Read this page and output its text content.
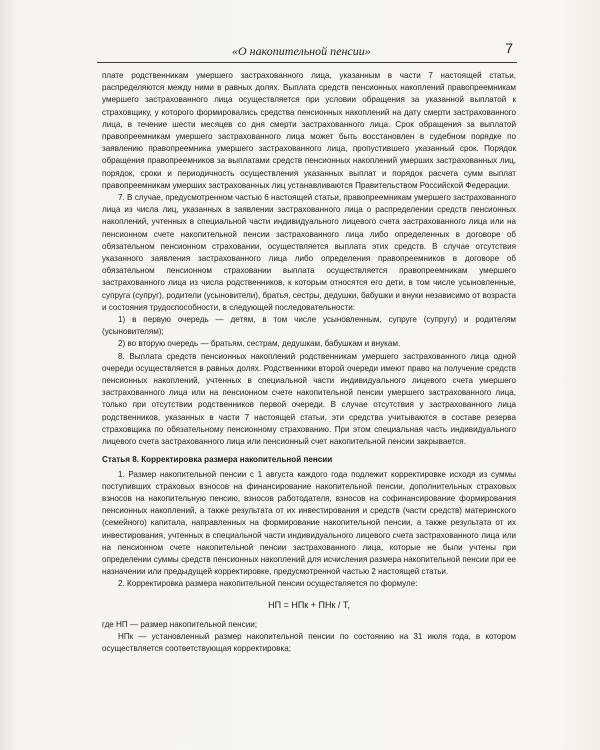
«О накопительной пенсии»	7

плате родственникам умершего застрахованного лица, указанным в части 7 настоящей статьи, распределяются между ними в равных долях. Выплата средств пенсионных накоплений правопреемникам умершего застрахованного лица осуществляется при условии обращения за указанной выплатой к страховщику, у которого формировались средства пенсионных накоплений на дату смерти застрахованного лица, в течение шести месяцев со дня смерти застрахованного лица. Срок обращения за выплатой правопреемникам умершего застрахованного лица может быть восстановлен в судебном порядке по заявлению правопреемника умершего застрахованного лица, пропустившего указанный срок. Порядок обращения правопреемников за выплатами средств пенсионных накоплений умерших застрахованных лиц, порядок, сроки и периодичность осуществления указанных выплат и порядок расчета сумм выплат правопреемникам умерших застрахованных лиц устанавливаются Правительством Российской Федерации.

7. В случае, предусмотренном частью 6 настоящей статьи, правопреемникам умершего застрахованного лица из числа лиц, указанных в заявлении застрахованного лица о распределении средств пенсионных накоплений, учтенных в специальной части индивидуального лицевого счета застрахованного лица или на пенсионном счете накопительной пенсии застрахованного лица либо определенных в договоре об обязательном пенсионном страховании, осуществляется выплата этих средств. В случае отсутствия указанного заявления застрахованного лица либо определения правопреемников в договоре об обязательном пенсионном страховании выплата осуществляется правопреемникам умершего застрахованного лица из числа родственников, к которым относятся его дети, в том числе усыновленные, супруга (супруг), родители (усыновители), братья, сестры, дедушки, бабушки и внуки независимо от возраста и состояния трудоспособности, в следующей последовательности:

1) в первую очередь — детям, в том числе усыновленным, супруге (супругу) и родителям (усыновителям);

2) во вторую очередь — братьям, сестрам, дедушкам, бабушкам и внукам.

8. Выплата средств пенсионных накоплений родственникам умершего застрахованного лица одной очереди осуществляется в равных долях. Родственники второй очереди имеют право на получение средств пенсионных накоплений, учтенных в специальной части индивидуального лицевого счета умершего застрахованного лица или на пенсионном счете накопительной пенсии умершего застрахованного лица, только при отсутствии родственников первой очереди. В случае отсутствия у застрахованного лица родственников, указанных в части 7 настоящей статьи, эти средства учитываются в составе резерва страховщика по обязательному пенсионному страхованию. При этом специальная часть индивидуального лицевого счета застрахованного лица или пенсионный счет накопительной пенсии закрывается.

Статья 8. Корректировка размера накопительной пенсии

1. Размер накопительной пенсии с 1 августа каждого года подлежит корректировке исходя из суммы поступивших страховых взносов на финансирование накопительной пенсии, дополнительных страховых взносов на накопительную пенсию, взносов работодателя, взносов на софинансирование формирования пенсионных накоплений, а также результата от их инвестирования и средств (части средств) материнского (семейного) капитала, направленных на формирование накопительной пенсии, а также результата от их инвестирования, учтенных в специальной части индивидуального лицевого счета застрахованного лица или на пенсионном счете накопительной пенсии застрахованного лица, которые не были учтены при определении суммы средств пенсионных накоплений для исчисления размера накопительной пенсии при ее назначении или предыдущей корректировке, предусмотренной частью 2 настоящей статьи.

2. Корректировка размера накопительной пенсии осуществляется по формуле:

НП = НПк + ПНк / Т,

где НП — размер накопительной пенсии;

НПк — установленный размер накопительной пенсии по состоянию на 31 июля года, в котором осуществляется соответствующая корректировка;
